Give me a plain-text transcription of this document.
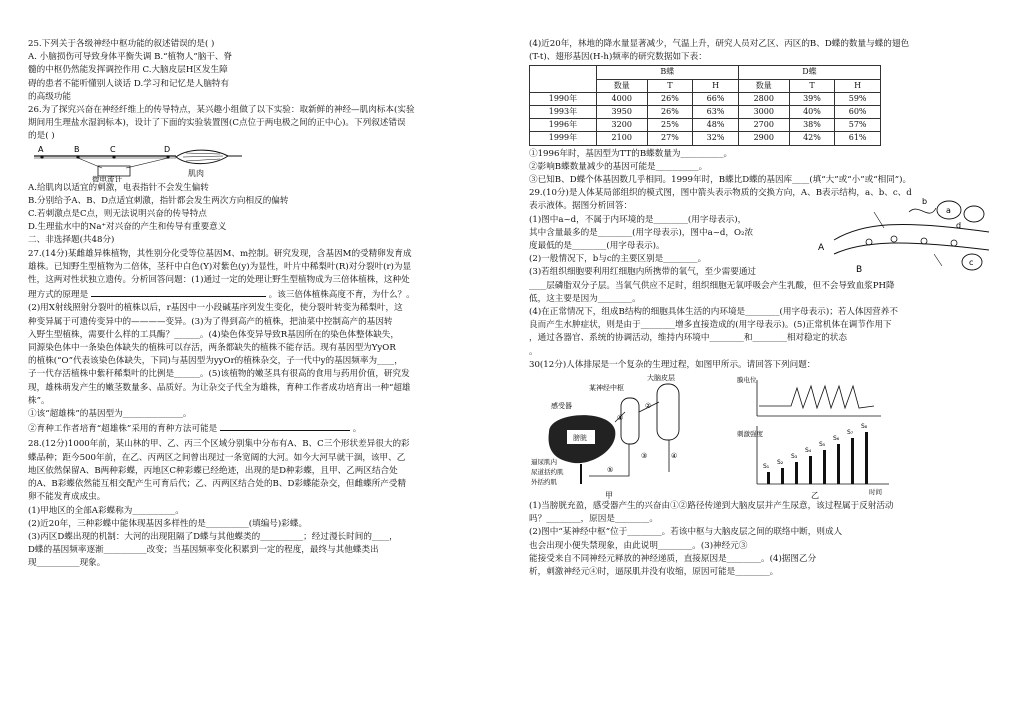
25.下列关于各级神经中枢功能的叙述错误的是( )

A. 小脑损伤可导致身体平衡失调 B.“植物人”脑干、脊

髓的中枢仍然能发挥调控作用 C.大脑皮层H区发生障

碍的患者不能听懂别人谈话 D.学习和记忆是人脑特有

的高级功能

26.为了探究兴奋在神经纤维上的传导特点，某兴趣小组做了以下实验：取新鲜的神经—肌肉标本(实验

期间用生理盐水湿润标本)，设计了下面的实验装置图(C点位于两电极之间的正中心)。下列叙述错误

的是( )

A	B	C	D
微电流计
肌肉

A.给肌肉以适宜的刺激，电表指针不会发生偏转

B.分别给予A、B、D点适宜刺激，指针都会发生两次方向相反的偏转

C.若刺激点是C点，则无法说明兴奋的传导特点

D.生理盐水中的Na⁺对兴奋的产生和传导有重要意义

二、非选择题(共48分)

27.(14分)某雌雄异株植物，其性别分化受等位基因M、m控制。研究发现，含基因M的受精卵发育成

雄株。已知野生型植物为二倍体，茎秆中白色(Y)对紫色(y)为显性，叶片中稀梨叶(R)对分裂叶(r)为显

性，这两对性状独立遗传。分析回答问题：(1)通过一定的处理让野生型植物成为三倍体植株，这种处

理方式的原理是	。该三倍体植株高度不育，为什么？。

(2)用X射线照射分裂叶的植株以后，r基因中一小段碱基序列发生变化，使分裂叶转变为稀梨叶，这

种变异属于可遗传变异中的————变异。(3)为了得到高产的植株，把油菜中控制高产的基因转

入野生型植株，需要什么样的工具酶？______。(4)染色体变异导致R基因所在的染色体整体缺失，

同源染色体中一条染色体缺失的植株可以存活，两条都缺失的植株不能存活。现有基因型为YyOR

的植株(“O”代表该染色体缺失，下同)与基因型为yyOr的植株杂交，子一代中y的基因频率为____，

子一代存活植株中紫秆稀梨叶的比例是______。(5)该植物的嫩茎具有很高的食用与药用价值，研究发

现，雄株萌发产生的嫩茎数量多、品质好。为让杂交子代全为雄株，育种工作者成功培育出一种“超雄

株”。

①该“超雄株”的基因型为______________。

②育种工作者培育“超雄株”采用的育种方法可能是	。

28.(12分)1000年前，某山林的甲、乙、丙三个区域分别集中分布有A、B、C三个形状差异很大的彩

蝶品种；距今500年前，在乙、丙两区之间曾出现过一条宽阔的大河。如今大河早就干涸，该甲、乙

地区依然保留A、B两种彩蝶，丙地区C种彩蝶已经绝迹，出现的是D种彩蝶，且甲、乙两区结合处

的A、B彩蝶依然能互相交配产生可育后代；乙、丙两区结合处的B、D彩蝶能杂交，但雌蝶所产受精

卵不能发育成成虫。

(1)甲地区的全部A彩蝶称为__________。

(2)近20年，三种彩蝶中能体现基因多样性的是__________(填编号)彩蝶。

(3)丙区D蝶出现的机制：大河的出现阻隔了D蝶与其他蝶类的__________；经过漫长时间的____，

D蝶的基因频率逐渐__________改变；当基因频率变化积累到一定的程度，最终与其他蝶类出

现__________现象。

(4)近20年，林地的降水量显著减少，气温上升，研究人员对乙区、丙区的B、D蝶的数量与蝶的翅色

(T-t)、翅形基因(H-h)频率的研究数据如下表：

	B蝶			D蝶		
	数量	T	H	数量	T	H
1990年	4000	26%	66%	2800	39%	59%
1993年	3950	26%	63%	3000	40%	60%
1996年	3200	25%	48%	2700	38%	57%
1999年	2100	27%	32%	2900	42%	61%

①1996年时，基因型为TT的B蝶数量为__________。

②影响B蝶数量减少的基因可能是__________。

③已知B、D蝶个体基因数几乎相同。1999年时，B蝶比D蝶的基因库____(填“大”或“小”或“相同”)。

29.(10分)是人体某局部组织的模式图，图中箭头表示物质的交换方向，A、B表示结构，a、b、c、d

表示液体。据图分析回答：

(1)图中a~d，不属于内环境的是________(用字母表示)，

其中含量最多的是________(用字母表示)，图中a~d，O₂浓

度最低的是________(用字母表示)。

(2)一般情况下，b与c的主要区别是________。

(3)若组织细胞要利用红细胞内所携带的氧气，至少需要通过

A
B
a
b
c
d

____层磷脂双分子层。当氧气供应不足时，组织细胞无氧呼吸会产生乳酸，但不会导致血浆PH降

低，这主要是因为________。

(4)在正常情况下，组成B结构的细胞具体生活的内环境是________(用字母表示)；若人体因营养不

良而产生水肿症状，则是由于________增多直接造成的(用字母表示)。(5)正常机体在调节作用下

，通过各器官、系统的协调活动，维持内环境中________和________相对稳定的状态

。

30(12分)人体排尿是一个复杂的生理过程，如图甲所示。请回答下列问题：

大脑皮层
某神经中枢
感受器
膀胱
逼尿肌内
尿道括约肌
外括约肌
①
②
③	④
⑤
甲
膜电位
刺激强度
S₁
S₂
S₃
S₄
S₅
S₆
S₇
S₈
时间
乙

(1)当膀胱充盈，感受器产生的兴奋由①②路径传递到大脑皮层并产生尿意，该过程属于反射活动

吗？________，原因是________。

(2)图中“某神经中枢”位于________。若该中枢与大脑皮层之间的联络中断，则成人

也会出现小便失禁现象，由此说明________。(3)神经元③

能接受来自不同神经元释放的神经递质，直接原因是________。(4)据图乙分

析，刺激神经元④时，逼尿肌并没有收缩，原因可能是________。
